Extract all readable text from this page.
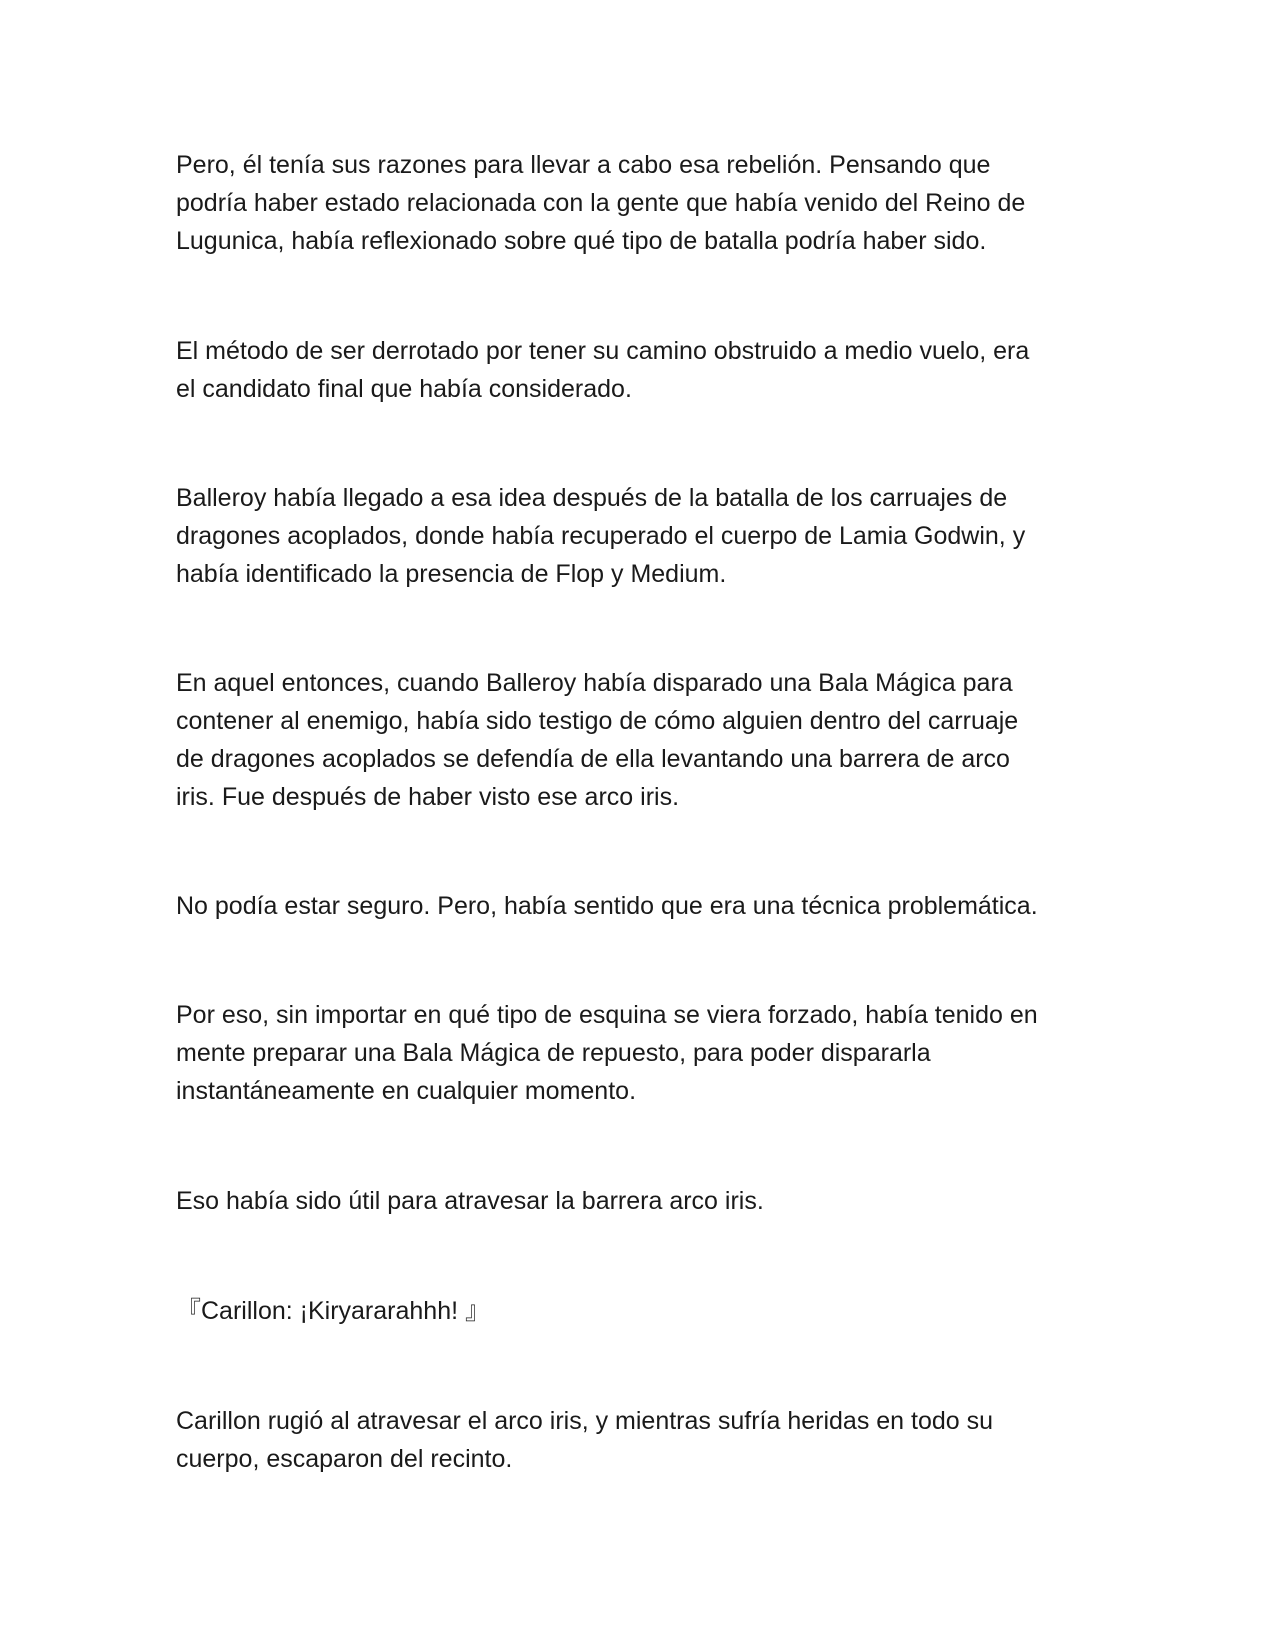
Pero, él tenía sus razones para llevar a cabo esa rebelión. Pensando que
podría haber estado relacionada con la gente que había venido del Reino de
Lugunica, había reflexionado sobre qué tipo de batalla podría haber sido.

El método de ser derrotado por tener su camino obstruido a medio vuelo, era
el candidato final que había considerado.

Balleroy había llegado a esa idea después de la batalla de los carruajes de
dragones acoplados, donde había recuperado el cuerpo de Lamia Godwin, y
había identificado la presencia de Flop y Medium.

En aquel entonces, cuando Balleroy había disparado una Bala Mágica para
contener al enemigo, había sido testigo de cómo alguien dentro del carruaje
de dragones acoplados se defendía de ella levantando una barrera de arco
iris. Fue después de haber visto ese arco iris.

No podía estar seguro. Pero, había sentido que era una técnica problemática.

Por eso, sin importar en qué tipo de esquina se viera forzado, había tenido en
mente preparar una Bala Mágica de repuesto, para poder dispararla
instantáneamente en cualquier momento.

Eso había sido útil para atravesar la barrera arco iris.

『Carillon: ¡Kiryararahhh! 』

Carillon rugió al atravesar el arco iris, y mientras sufría heridas en todo su
cuerpo, escaparon del recinto.
